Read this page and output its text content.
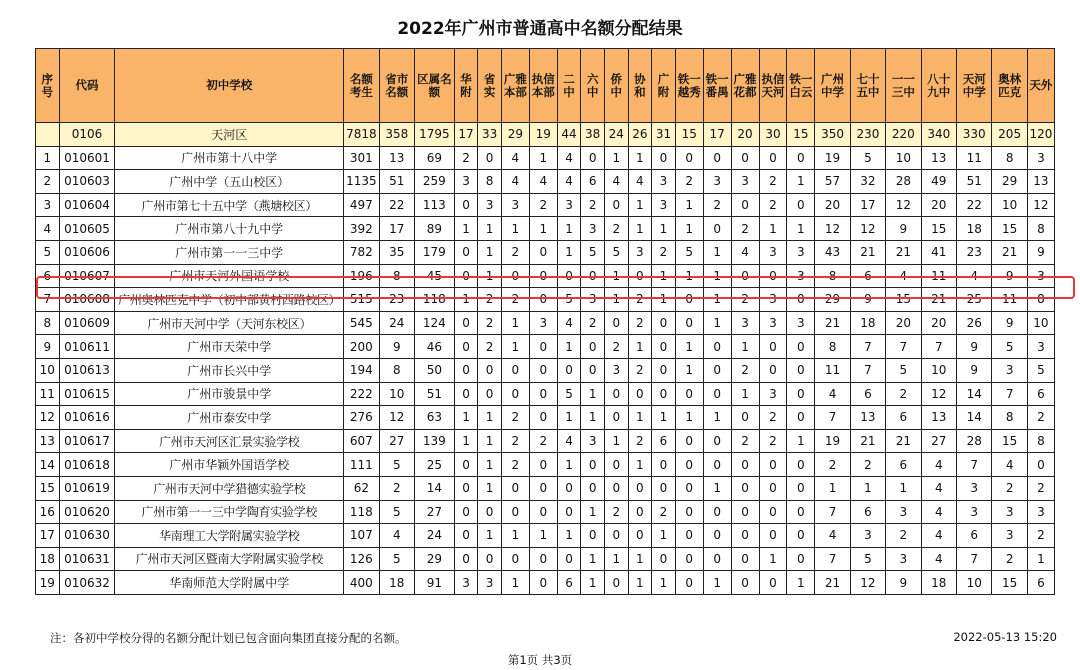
2022年广州市普通高中名额分配结果
序号	代码	初中学校	名额考生	省市名额	区属名额	华附	省实	广雅本部	执信本部	二中	六中	侨中	协和	广附	铁一越秀	铁一番禺	广雅花都	执信天河	铁一白云	广州中学	七十五中	一一三中	八十九中	天河中学	奥林匹克	天外
	0106	天河区	7818	358	1795	17	33	29	19	44	38	24	26	31	15	17	20	30	15	350	230	220	340	330	205	120
1	010601	广州市第十八中学	301	13	69	2	0	4	1	4	0	1	1	0	0	0	0	0	0	19	5	10	13	11	8	3
2	010603	广州中学（五山校区）	1135	51	259	3	8	4	4	4	6	4	4	3	2	3	3	2	1	57	32	28	49	51	29	13
3	010604	广州市第七十五中学（燕塘校区）	497	22	113	0	3	3	2	3	2	0	1	3	1	2	0	2	0	20	17	12	20	22	10	12
4	010605	广州市第八十九中学	392	17	89	1	1	1	1	1	3	2	1	1	1	0	2	1	1	12	12	9	15	18	15	8
5	010606	广州市第一一三中学	782	35	179	0	1	2	0	1	5	5	3	2	5	1	4	3	3	43	21	21	41	23	21	9
6	010607	广州市天河外国语学校	196	8	45	0	1	0	0	0	0	1	0	1	1	1	0	0	3	8	6	4	11	4	9	3
7	010608	广州奥林匹克中学（初中部黄村西路校区）	515	23	118	1	2	2	0	5	3	1	2	1	0	1	2	3	0	29	9	15	21	25	11	8
8	010609	广州市天河中学（天河东校区）	545	24	124	0	2	1	3	4	2	0	2	0	0	1	3	3	3	21	18	20	20	26	9	10
9	010611	广州市天荣中学	200	9	46	0	2	1	0	1	0	2	1	0	1	0	1	0	0	8	7	7	7	9	5	3
10	010613	广州市长兴中学	194	8	50	0	0	0	0	0	0	3	2	0	1	0	2	0	0	11	7	5	10	9	3	5
11	010615	广州市骏景中学	222	10	51	0	0	0	0	5	1	0	0	0	0	0	1	3	0	4	6	2	12	14	7	6
12	010616	广州市泰安中学	276	12	63	1	1	2	0	1	1	0	1	1	1	1	0	2	0	7	13	6	13	14	8	2
13	010617	广州市天河区汇景实验学校	607	27	139	1	1	2	2	4	3	1	2	6	0	0	2	2	1	19	21	21	27	28	15	8
14	010618	广州市华颖外国语学校	111	5	25	0	1	2	0	1	0	0	1	0	0	0	0	0	0	2	2	6	4	7	4	0
15	010619	广州市天河中学猎德实验学校	62	2	14	0	1	0	0	0	0	0	0	0	0	1	0	0	0	1	1	1	4	3	2	2
16	010620	广州市第一一三中学陶育实验学校	118	5	27	0	0	0	0	0	1	2	0	2	0	0	0	0	0	7	6	3	4	3	3	3
17	010630	华南理工大学附属实验学校	107	4	24	0	1	1	1	1	0	0	0	1	0	0	0	0	0	4	3	2	4	6	3	2
18	010631	广州市天河区暨南大学附属实验学校	126	5	29	0	0	0	0	0	1	1	1	0	0	0	0	1	0	7	5	3	4	7	2	1
19	010632	华南师范大学附属中学	400	18	91	3	3	1	0	6	1	0	1	1	0	1	0	0	1	21	12	9	18	10	15	6
注：各初中学校分得的名额分配计划已包含面向集团直接分配的名额。	2022-05-13 15:20
第1页 共3页
